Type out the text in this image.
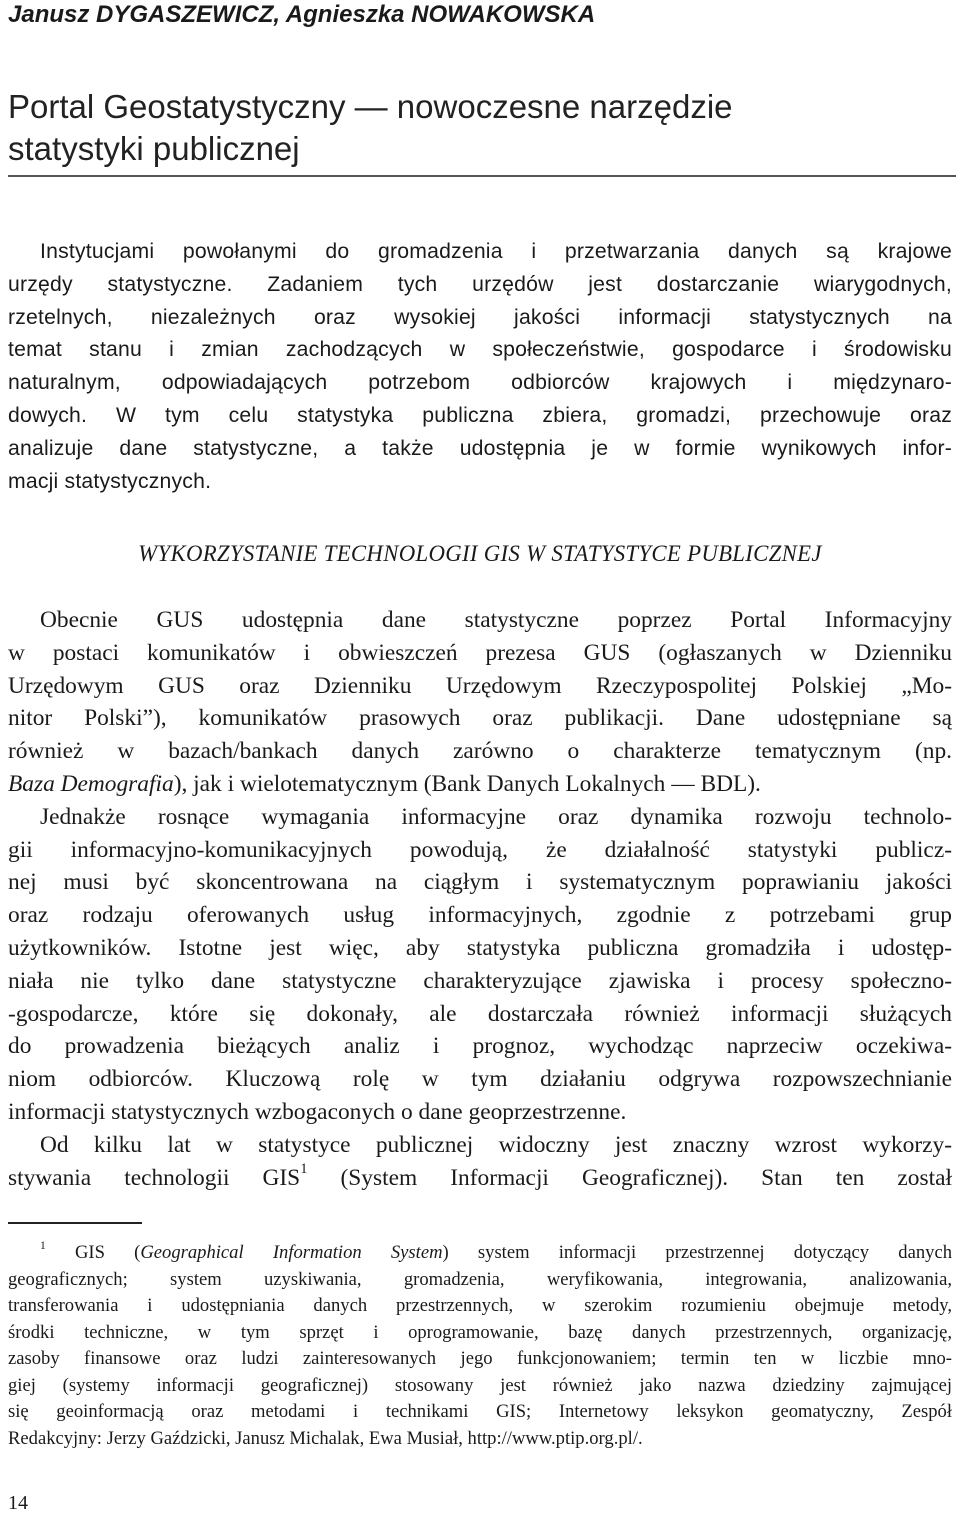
Janusz DYGASZEWICZ, Agnieszka NOWAKOWSKA
Portal Geostatystyczny — nowoczesne narzędzie
statystyki publicznej
Instytucjami powołanymi do gromadzenia i przetwarzania danych są krajowe
urzędy statystyczne. Zadaniem tych urzędów jest dostarczanie wiarygodnych,
rzetelnych, niezależnych oraz wysokiej jakości informacji statystycznych na
temat stanu i zmian zachodzących w społeczeństwie, gospodarce i środowisku
naturalnym, odpowiadających potrzebom odbiorców krajowych i międzynaro-
dowych. W tym celu statystyka publiczna zbiera, gromadzi, przechowuje oraz
analizuje dane statystyczne, a także udostępnia je w formie wynikowych infor-
macji statystycznych.
WYKORZYSTANIE TECHNOLOGII GIS W STATYSTYCE PUBLICZNEJ
Obecnie GUS udostępnia dane statystyczne poprzez Portal Informacyjny
w postaci komunikatów i obwieszczeń prezesa GUS (ogłaszanych w Dzienniku
Urzędowym GUS oraz Dzienniku Urzędowym Rzeczypospolitej Polskiej „Mo-
nitor Polski”), komunikatów prasowych oraz publikacji. Dane udostępniane są
również w bazach/bankach danych zarówno o charakterze tematycznym (np.
Baza Demografia), jak i wielotematycznym (Bank Danych Lokalnych — BDL).
Jednakże rosnące wymagania informacyjne oraz dynamika rozwoju technolo-
gii informacyjno-komunikacyjnych powodują, że działalność statystyki publicz-
nej musi być skoncentrowana na ciągłym i systematycznym poprawianiu jakości
oraz rodzaju oferowanych usług informacyjnych, zgodnie z potrzebami grup
użytkowników. Istotne jest więc, aby statystyka publiczna gromadziła i udostęp-
niała nie tylko dane statystyczne charakteryzujące zjawiska i procesy społeczno-
-gospodarcze, które się dokonały, ale dostarczała również informacji służących
do prowadzenia bieżących analiz i prognoz, wychodząc naprzeciw oczekiwa-
niom odbiorców. Kluczową rolę w tym działaniu odgrywa rozpowszechnianie
informacji statystycznych wzbogaconych o dane geoprzestrzenne.
Od kilku lat w statystyce publicznej widoczny jest znaczny wzrost wykorzy-
stywania technologii GIS$^1$ (System Informacji Geograficznej). Stan ten został
$^1$ GIS (Geographical Information System) system informacji przestrzennej dotyczący danych
geograficznych; system uzyskiwania, gromadzenia, weryfikowania, integrowania, analizowania,
transferowania i udostępniania danych przestrzennych, w szerokim rozumieniu obejmuje metody,
środki techniczne, w tym sprzęt i oprogramowanie, bazę danych przestrzennych, organizację,
zasoby finansowe oraz ludzi zainteresowanych jego funkcjonowaniem; termin ten w liczbie mno-
giej (systemy informacji geograficznej) stosowany jest również jako nazwa dziedziny zajmującej
się geoinformacją oraz metodami i technikami GIS; Internetowy leksykon geomatyczny, Zespół
Redakcyjny: Jerzy Gaździcki, Janusz Michalak, Ewa Musiał, http://www.ptip.org.pl/.
14
